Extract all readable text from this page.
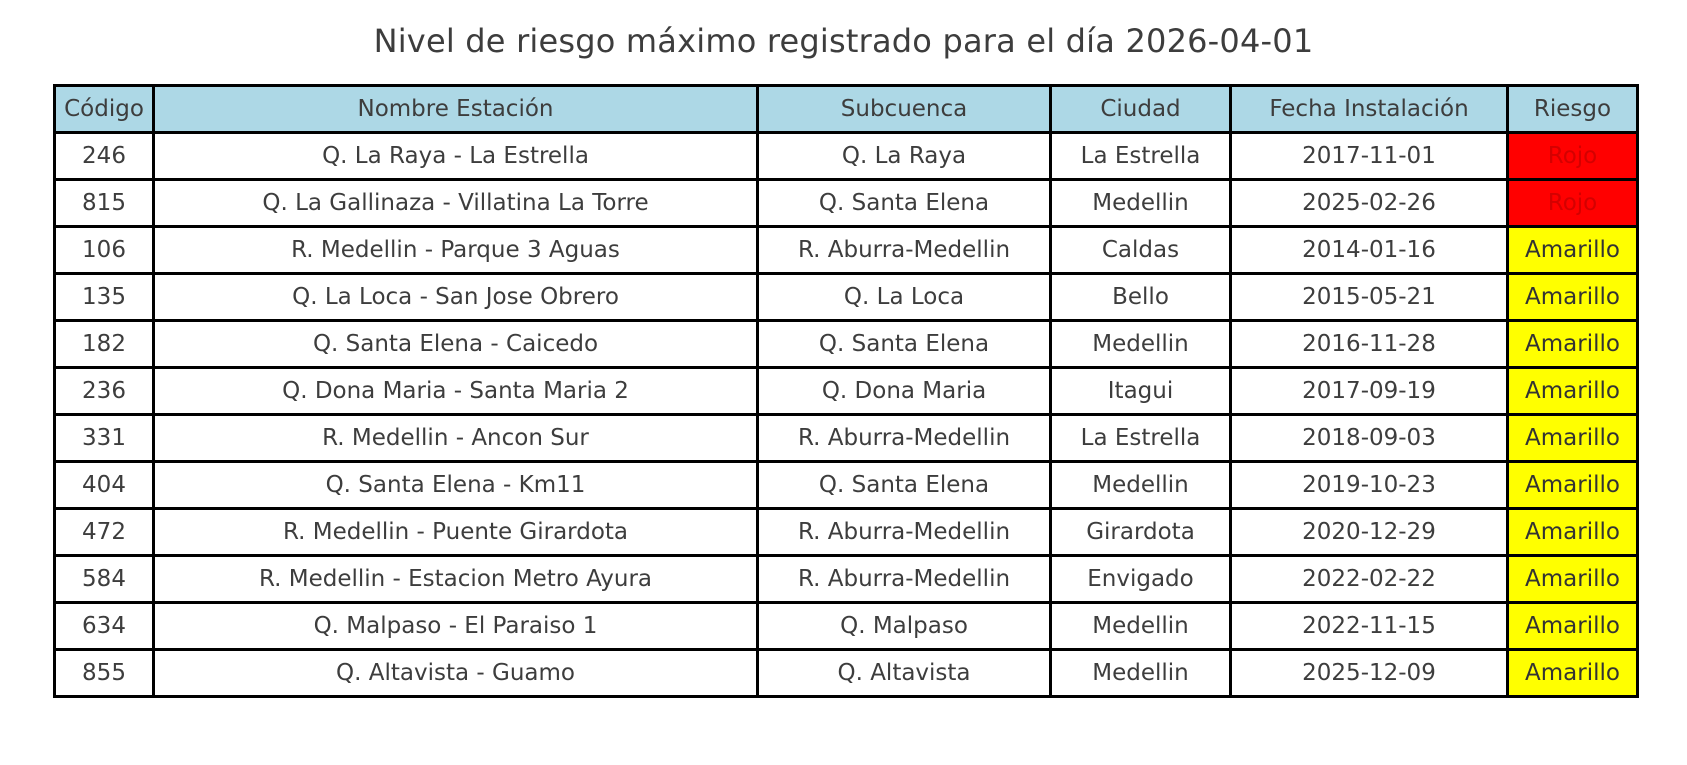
Nivel de riesgo máximo registrado para el día 2026-04-01
Código	Nombre Estación	Subcuenca	Ciudad	Fecha Instalación	Riesgo
246	Q. La Raya - La Estrella	Q. La Raya	La Estrella	2017-11-01	Rojo
815	Q. La Gallinaza - Villatina La Torre	Q. Santa Elena	Medellin	2025-02-26	Rojo
106	R. Medellin - Parque 3 Aguas	R. Aburra-Medellin	Caldas	2014-01-16	Amarillo
135	Q. La Loca - San Jose Obrero	Q. La Loca	Bello	2015-05-21	Amarillo
182	Q. Santa Elena - Caicedo	Q. Santa Elena	Medellin	2016-11-28	Amarillo
236	Q. Dona Maria - Santa Maria 2	Q. Dona Maria	Itagui	2017-09-19	Amarillo
331	R. Medellin - Ancon Sur	R. Aburra-Medellin	La Estrella	2018-09-03	Amarillo
404	Q. Santa Elena - Km11	Q. Santa Elena	Medellin	2019-10-23	Amarillo
472	R. Medellin - Puente Girardota	R. Aburra-Medellin	Girardota	2020-12-29	Amarillo
584	R. Medellin - Estacion Metro Ayura	R. Aburra-Medellin	Envigado	2022-02-22	Amarillo
634	Q. Malpaso - El Paraiso 1	Q. Malpaso	Medellin	2022-11-15	Amarillo
855	Q. Altavista - Guamo	Q. Altavista	Medellin	2025-12-09	Amarillo
